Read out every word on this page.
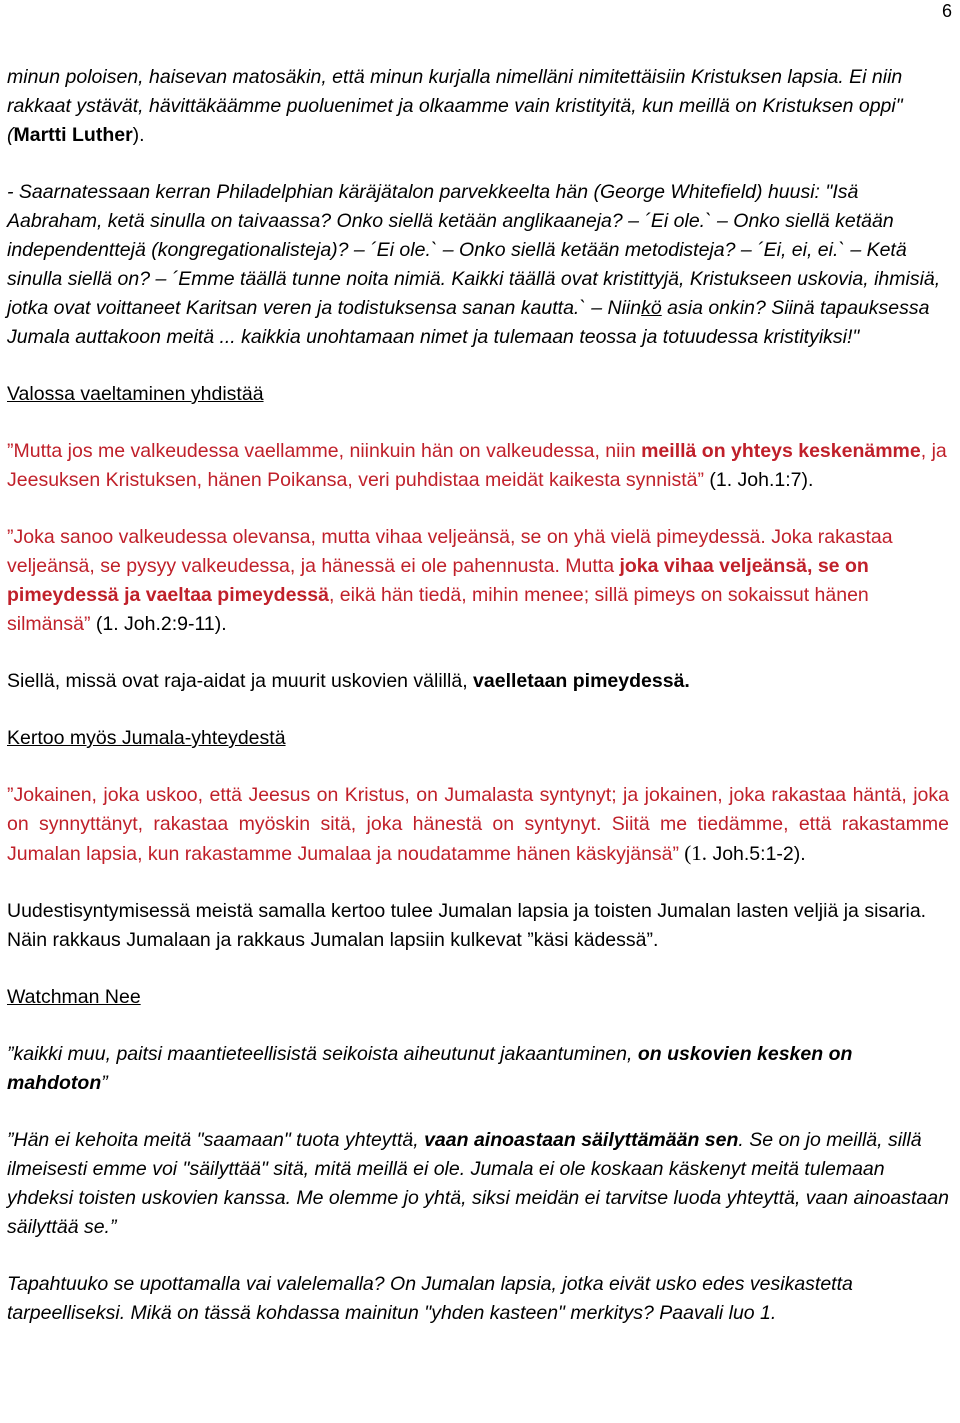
6

minun poloisen, haisevan matosäkin, että minun kurjalla nimelläni nimitettäisiin Kristuksen lapsia. Ei niin rakkaat ystävät, hävittäkäämme puoluenimet ja olkaamme vain kristityitä, kun meillä on Kristuksen oppi" (Martti Luther).

- Saarnatessaan kerran Philadelphian käräjätalon parvekkeelta hän (George Whitefield) huusi: "Isä Aabraham, ketä sinulla on taivaassa? Onko siellä ketään anglikaaneja? – ´Ei ole.` – Onko siellä ketään independenttejä (kongregationalisteja)? – ´Ei ole.` – Onko siellä ketään metodisteja? – ´Ei, ei, ei.` – Ketä sinulla siellä on? – ´Emme täällä tunne noita nimiä. Kaikki täällä ovat kristittyjä, Kristukseen uskovia, ihmisiä, jotka ovat voittaneet Karitsan veren ja todistuksensa sanan kautta.` – Niinkö asia onkin? Siinä tapauksessa Jumala auttakoon meitä ... kaikkia unohtamaan nimet ja tulemaan teossa ja totuudessa kristityiksi!"

Valossa vaeltaminen yhdistää

”Mutta jos me valkeudessa vaellamme, niinkuin hän on valkeudessa, niin meillä on yhteys keskenämme, ja Jeesuksen Kristuksen, hänen Poikansa, veri puhdistaa meidät kaikesta synnistä” (1. Joh.1:7).

”Joka sanoo valkeudessa olevansa, mutta vihaa veljeänsä, se on yhä vielä pimeydessä. Joka rakastaa veljeänsä, se pysyy valkeudessa, ja hänessä ei ole pahennusta. Mutta joka vihaa veljeänsä, se on pimeydessä ja vaeltaa pimeydessä, eikä hän tiedä, mihin menee; sillä pimeys on sokaissut hänen silmänsä” (1. Joh.2:9-11).

Siellä, missä ovat raja-aidat ja muurit uskovien välillä, vaelletaan pimeydessä.

Kertoo myös Jumala-yhteydestä

”Jokainen, joka uskoo, että Jeesus on Kristus, on Jumalasta syntynyt; ja jokainen, joka rakastaa häntä, joka on synnyttänyt, rakastaa myöskin sitä, joka hänestä on syntynyt. Siitä me tiedämme, että rakastamme Jumalan lapsia, kun rakastamme Jumalaa ja noudatamme hänen käskyjänsä” (1. Joh.5:1-2).

Uudestisyntymisessä meistä samalla kertoo tulee Jumalan lapsia ja toisten Jumalan lasten veljiä ja sisaria. Näin rakkaus Jumalaan ja rakkaus Jumalan lapsiin kulkevat ”käsi kädessä”.

Watchman Nee

”kaikki muu, paitsi maantieteellisistä seikoista aiheutunut jakaantuminen, on uskovien kesken on mahdoton”

”Hän ei kehoita meitä "saamaan" tuota yhteyttä, vaan ainoastaan säilyttämään sen. Se on jo meillä, sillä ilmeisesti emme voi "säilyttää" sitä, mitä meillä ei ole. Jumala ei ole koskaan käskenyt meitä tulemaan yhdeksi toisten uskovien kanssa. Me olemme jo yhtä, siksi meidän ei tarvitse luoda yhteyttä, vaan ainoastaan säilyttää se.”

Tapahtuuko se upottamalla vai valelemalla? On Jumalan lapsia, jotka eivät usko edes vesikastetta tarpeelliseksi. Mikä on tässä kohdassa mainitun "yhden kasteen" merkitys? Paavali luo 1.
